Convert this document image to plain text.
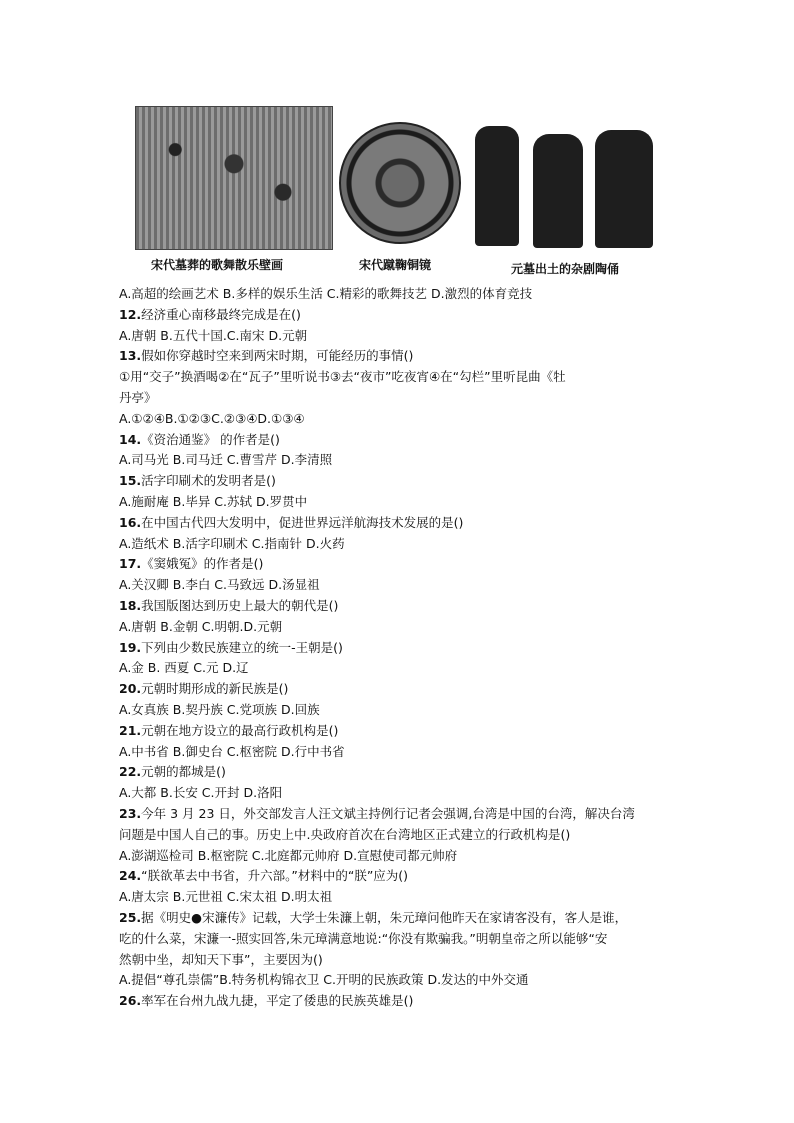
宋代墓葬的歌舞散乐壁画	宋代蹴鞠铜镜	元墓出土的杂剧陶俑
A.高超的绘画艺术 B.多样的娱乐生活 C.精彩的歌舞技艺 D.激烈的体育竞技
12.经济重心南移最终完成是在()
A.唐朝 B.五代十国.C.南宋 D.元朝
13.假如你穿越时空来到两宋时期，可能经历的事情()
①用“交子”换酒喝②在“瓦子”里听说书③去“夜市”吃夜宵④在“勾栏”里听昆曲《牡
丹亭》
A.①②④B.①②③C.②③④D.①③④
14.《资治通鉴》 的作者是()
A.司马光 B.司马迁 C.曹雪芹 D.李清照
15.活字印刷术的发明者是()
A.施耐庵 B.毕异 C.苏轼 D.罗贯中
16.在中国古代四大发明中，促进世界远洋航海技术发展的是()
A.造纸术 B.活字印刷术 C.指南针 D.火药
17.《窦娥冤》的作者是()
A.关汉卿 B.李白 C.马致远 D.汤显祖
18.我国版图达到历史上最大的朝代是()
A.唐朝 B.金朝 C.明朝.D.元朝
19.下列由少数民族建立的统一-王朝是()
A.金 B. 西夏 C.元 D.辽
20.元朝时期形成的新民族是()
A.女真族 B.契丹族 C.党项族 D.回族
21.元朝在地方设立的最高行政机构是()
A.中书省 B.御史台 C.枢密院 D.行中书省
22.元朝的都城是()
A.大都 B.长安 C.开封 D.洛阳
23.今年 3 月 23 日，外交部发言人汪文斌主持例行记者会强调,台湾是中国的台湾，解决台湾
问题是中国人自己的事。历史上中.央政府首次在台湾地区正式建立的行政机构是()
A.澎湖巡检司 B.枢密院 C.北庭都元帅府 D.宣慰使司都元帅府
24.“朕欲革去中书省，升六部。”材料中的“朕”应为()
A.唐太宗 B.元世祖 C.宋太祖 D.明太祖
25.据《明史●宋濂传》记载，大学士朱濂上朝，朱元璋问他昨天在家请客没有，客人是谁，
吃的什么菜，宋濂一-照实回答,朱元璋满意地说:“你没有欺骗我。”明朝皇帝之所以能够“安
然朝中坐，却知天下事”，主要因为()
A.提倡“尊孔崇儒”B.特务机构锦衣卫 C.开明的民族政策 D.发达的中外交通
26.率军在台州九战九捷，平定了倭患的民族英雄是()
